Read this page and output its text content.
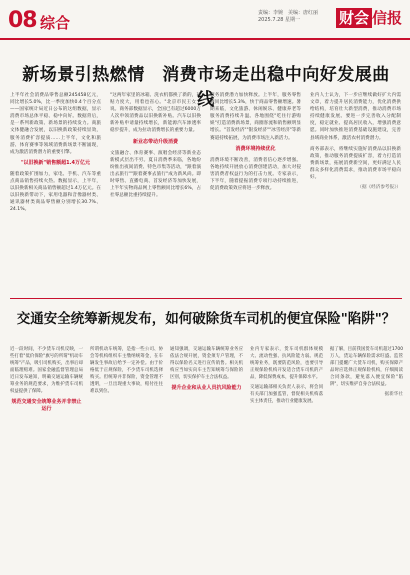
08 综合
责编：李婉　美编：唐红丽
2025.7.28 星期一	财会 信报
新场景引热燃情　消费市场走出稳中向好发展曲线
上半年社会消费品零售总额245458亿元，同比增长5.0%，比一季度加快0.4个百分点——国家统计局近日公布的这组数据，显示消费市场总体平稳、稳中向好。数据背后，是一系列新政策、新场景的持续发力。商旅文体健融合发展，以旧换新政策持续显效，服务消费扩容提质……上半年，文化和旅游、体育赛事等领域消费新场景不断涌现，成为激活消费潜力的重要引擎。
"以旧换新"销售额超1.4万亿元
随着政策扩围加力，家电、手机、汽车等重点商品销售持续火热。数据显示，上半年，以旧换新相关商品销售额超过1.4万亿元。在以旧换新带动下，家用电器和音像器材类、通讯器材类商品零售额分别增长30.7%、24.1%。
"这两年家里的冰箱、洗衣机都换了新的，补贴力度大，用着也省心。"北京市民王女士说。商务部数据显示，全国已有超过6000万人次申领消费品以旧换新补贴。汽车以旧换新补贴申请量持续增长，新能源汽车渗透率稳步提升，成为拉动消费增长的重要力量。
新业态带动升级消费
文旅融合、体育赛事、演唱会经济等新业态新模式层出不穷。夏日消费季来临，各地纷纷推出夜间消费、特色市集等活动，"跟着演出去旅行""跟着赛事去旅行"成为新风尚。即时零售、直播电商、首发经济等加快发展，上半年实物商品网上零售额同比增长6%，占社零总额比重持续提升。
服务消费潜力加快释放。上半年，服务零售额同比增长5.3%，快于商品零售额增速。暑期来临，文化旅游、休闲娱乐、健康养老等服务消费持续升温。各地围绕"吃住行游购娱"打造消费新场景，商圈客流和销售额明显增长。"首发经济""银发经济""冰雪经济"等新赛道持续拓展，为消费市场注入新活力。
消费环境持续优化
消费环境不断改善，消费者信心逐步增强。各地持续开展放心消费创建活动，加大对侵害消费者权益行为的打击力度。专家表示，下半年，随着提振消费专项行动持续推进，促消费政策效应将进一步释放。
业内人士认为，下一步应继续做好扩大内需文章，着力提升居民消费能力，优化消费供给结构，培育壮大新型消费，推动消费市场持续健康发展。要进一步完善收入分配制度，稳定就业、提高居民收入，增强消费意愿。同时加快推进消费基础设施建设，完善县域商业体系，激活农村消费潜力。
商务部表示，将继续实施好消费品以旧换新政策，推动服务消费提质扩容，着力打造消费新场景，拓展消费新空间，更好满足人民群众多样化消费需求，推动消费市场平稳向好。
（据《经济参考报》）
交通安全统筹新规发布，如何破除货车司机的便宜保险"陷阱"？
近一段时间，不少货车司机反映，一些打着"低价保险"旗号的所谓"机动车统筹"产品，吸引司机购买，出事后却面临理赔难。国家金融监督管理总局近日发布通知，明确交通运输车辆统筹业务的规范要求，为维护货车司机权益提供了保障。
规范交通安全统筹业务并非禁止运行
所谓机动车统筹，是指一些公司、协会等机构组织车主缴纳统筹金，在车辆发生事故后给予一定补偿。由于价格低于正规保险，不少货车司机选择购买。但统筹并非保险，资金管理不透明，一旦出现重大事故，赔付往往难以到位。
通知强调，交通运输车辆统筹业务应依法合规开展，资金须专户管理，不得以保险名义进行宣传销售。相关机构应当如实向车主告知统筹与保险的区别，切实保护车主合法权益。
提升企业和从业人员抗风险能力
业内专家表示，货车司机群体规模大、流动性强、抗风险能力弱。规范统筹业务，既要防范风险，也要引导正规保险机构开发适合货车司机的产品，降低保费成本，提升保障水平。
交通运输部相关负责人表示，将会同有关部门加强监管，督促相关机构落实主体责任，推动行业健康发展。
据了解，目前我国货车司机超过1700万人，货运车辆保险需求旺盛。监管部门提醒广大货车司机，购买保障产品时应选择正规保险机构，仔细阅读合同条款，避免落入便宜保险"陷阱"，切实维护自身合法权益。
据新华社
